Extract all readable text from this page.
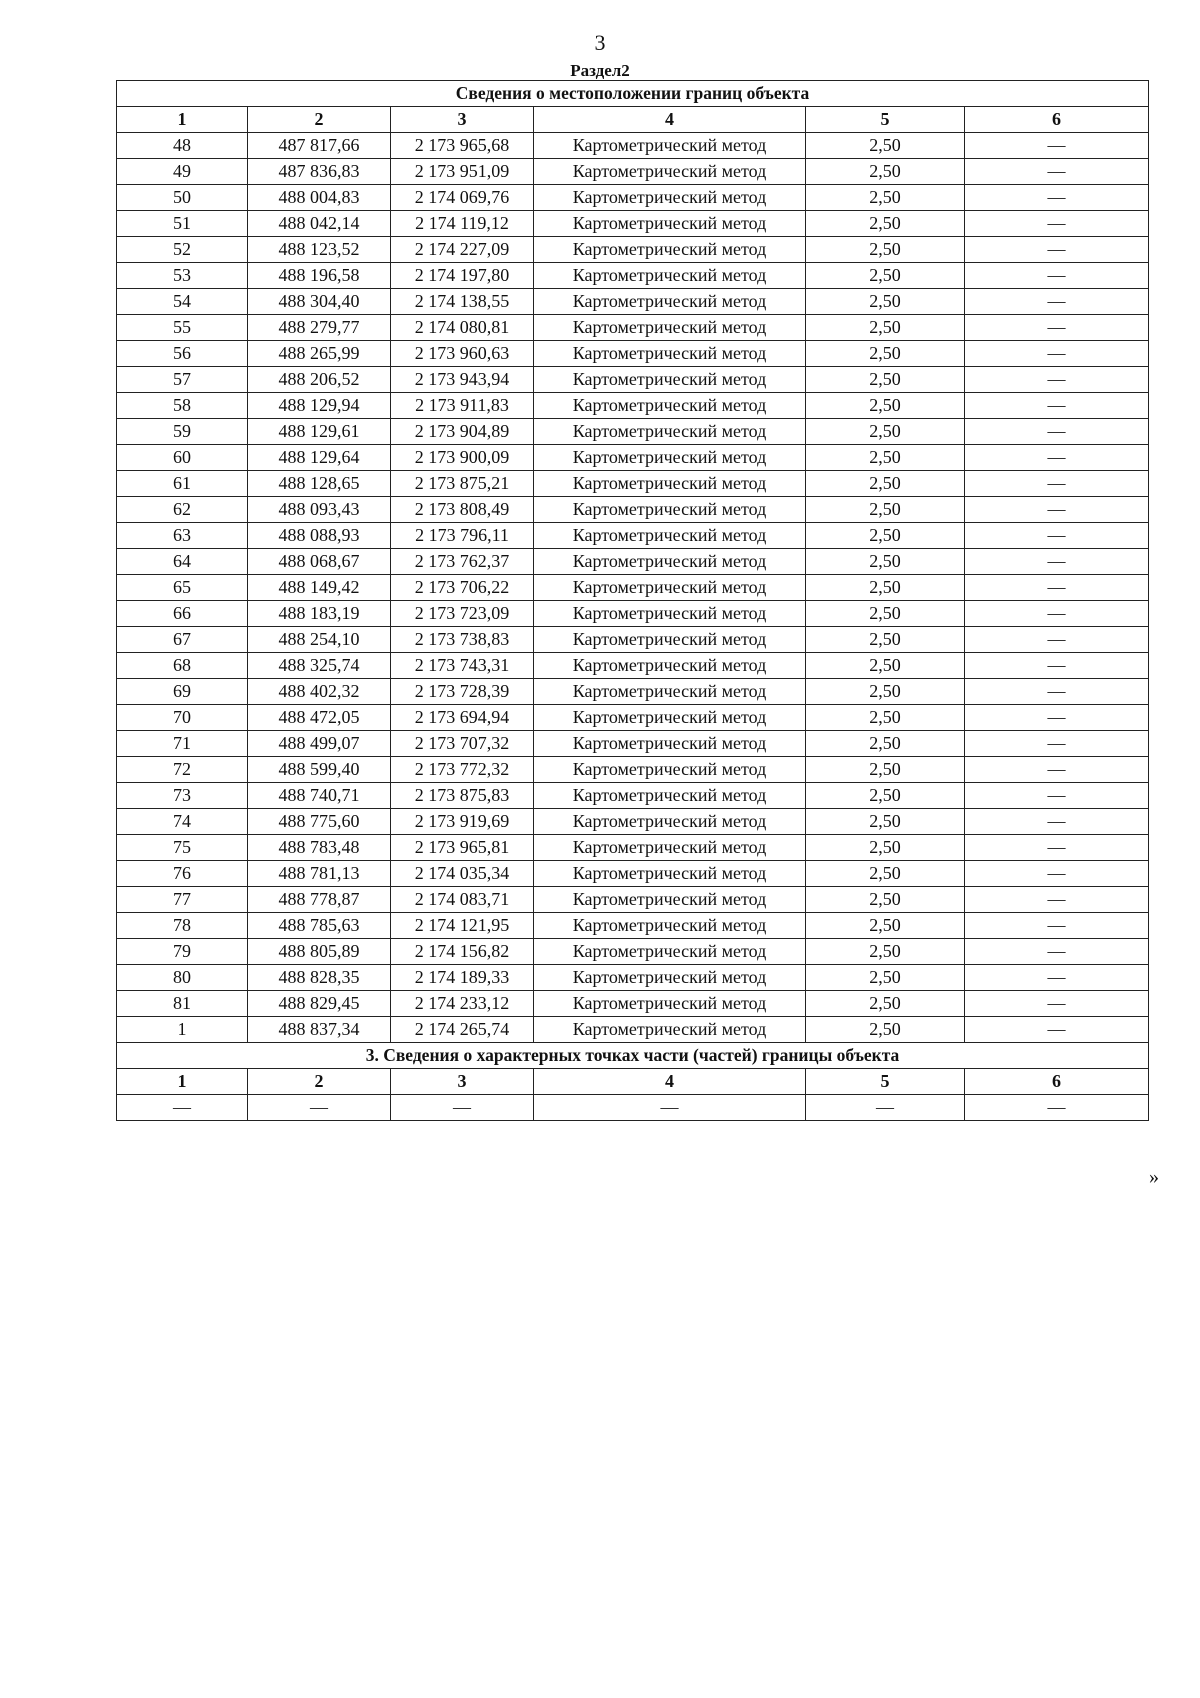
3
Раздел2
Сведения о местоположении границ объекта					
1	2	3	4	5	6
48	487 817,66	2 173 965,68	Картометрический метод	2,50	—
49	487 836,83	2 173 951,09	Картометрический метод	2,50	—
50	488 004,83	2 174 069,76	Картометрический метод	2,50	—
51	488 042,14	2 174 119,12	Картометрический метод	2,50	—
52	488 123,52	2 174 227,09	Картометрический метод	2,50	—
53	488 196,58	2 174 197,80	Картометрический метод	2,50	—
54	488 304,40	2 174 138,55	Картометрический метод	2,50	—
55	488 279,77	2 174 080,81	Картометрический метод	2,50	—
56	488 265,99	2 173 960,63	Картометрический метод	2,50	—
57	488 206,52	2 173 943,94	Картометрический метод	2,50	—
58	488 129,94	2 173 911,83	Картометрический метод	2,50	—
59	488 129,61	2 173 904,89	Картометрический метод	2,50	—
60	488 129,64	2 173 900,09	Картометрический метод	2,50	—
61	488 128,65	2 173 875,21	Картометрический метод	2,50	—
62	488 093,43	2 173 808,49	Картометрический метод	2,50	—
63	488 088,93	2 173 796,11	Картометрический метод	2,50	—
64	488 068,67	2 173 762,37	Картометрический метод	2,50	—
65	488 149,42	2 173 706,22	Картометрический метод	2,50	—
66	488 183,19	2 173 723,09	Картометрический метод	2,50	—
67	488 254,10	2 173 738,83	Картометрический метод	2,50	—
68	488 325,74	2 173 743,31	Картометрический метод	2,50	—
69	488 402,32	2 173 728,39	Картометрический метод	2,50	—
70	488 472,05	2 173 694,94	Картометрический метод	2,50	—
71	488 499,07	2 173 707,32	Картометрический метод	2,50	—
72	488 599,40	2 173 772,32	Картометрический метод	2,50	—
73	488 740,71	2 173 875,83	Картометрический метод	2,50	—
74	488 775,60	2 173 919,69	Картометрический метод	2,50	—
75	488 783,48	2 173 965,81	Картометрический метод	2,50	—
76	488 781,13	2 174 035,34	Картометрический метод	2,50	—
77	488 778,87	2 174 083,71	Картометрический метод	2,50	—
78	488 785,63	2 174 121,95	Картометрический метод	2,50	—
79	488 805,89	2 174 156,82	Картометрический метод	2,50	—
80	488 828,35	2 174 189,33	Картометрический метод	2,50	—
81	488 829,45	2 174 233,12	Картометрический метод	2,50	—
1	488 837,34	2 174 265,74	Картометрический метод	2,50	—
3. Сведения о характерных точках части (частей) границы объекта					
1	2	3	4	5	6
—	—	—	—	—	—
»
